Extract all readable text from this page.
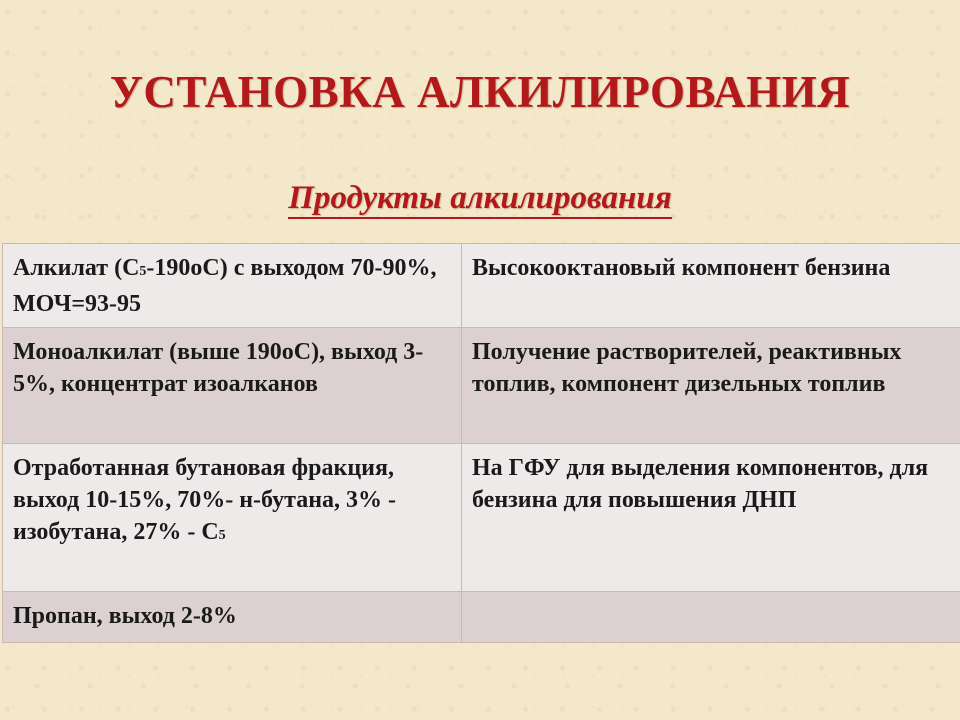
УСТАНОВКА АЛКИЛИРОВАНИЯ
Продукты алкилирования
Алкилат (С5-190оС) с выходом 70-90%, МОЧ=93-95	Высокооктановый компонент бензина
Моноалкилат (выше 190оС), выход 3-5%, концентрат изоалканов	Получение растворителей, реактивных топлив, компонент дизельных топлив
Отработанная бутановая фракция, выход 10-15%, 70%- н-бутана, 3% - изобутана, 27% - С5	На ГФУ для выделения компонентов, для бензина для повышения ДНП
Пропан, выход 2-8%	
